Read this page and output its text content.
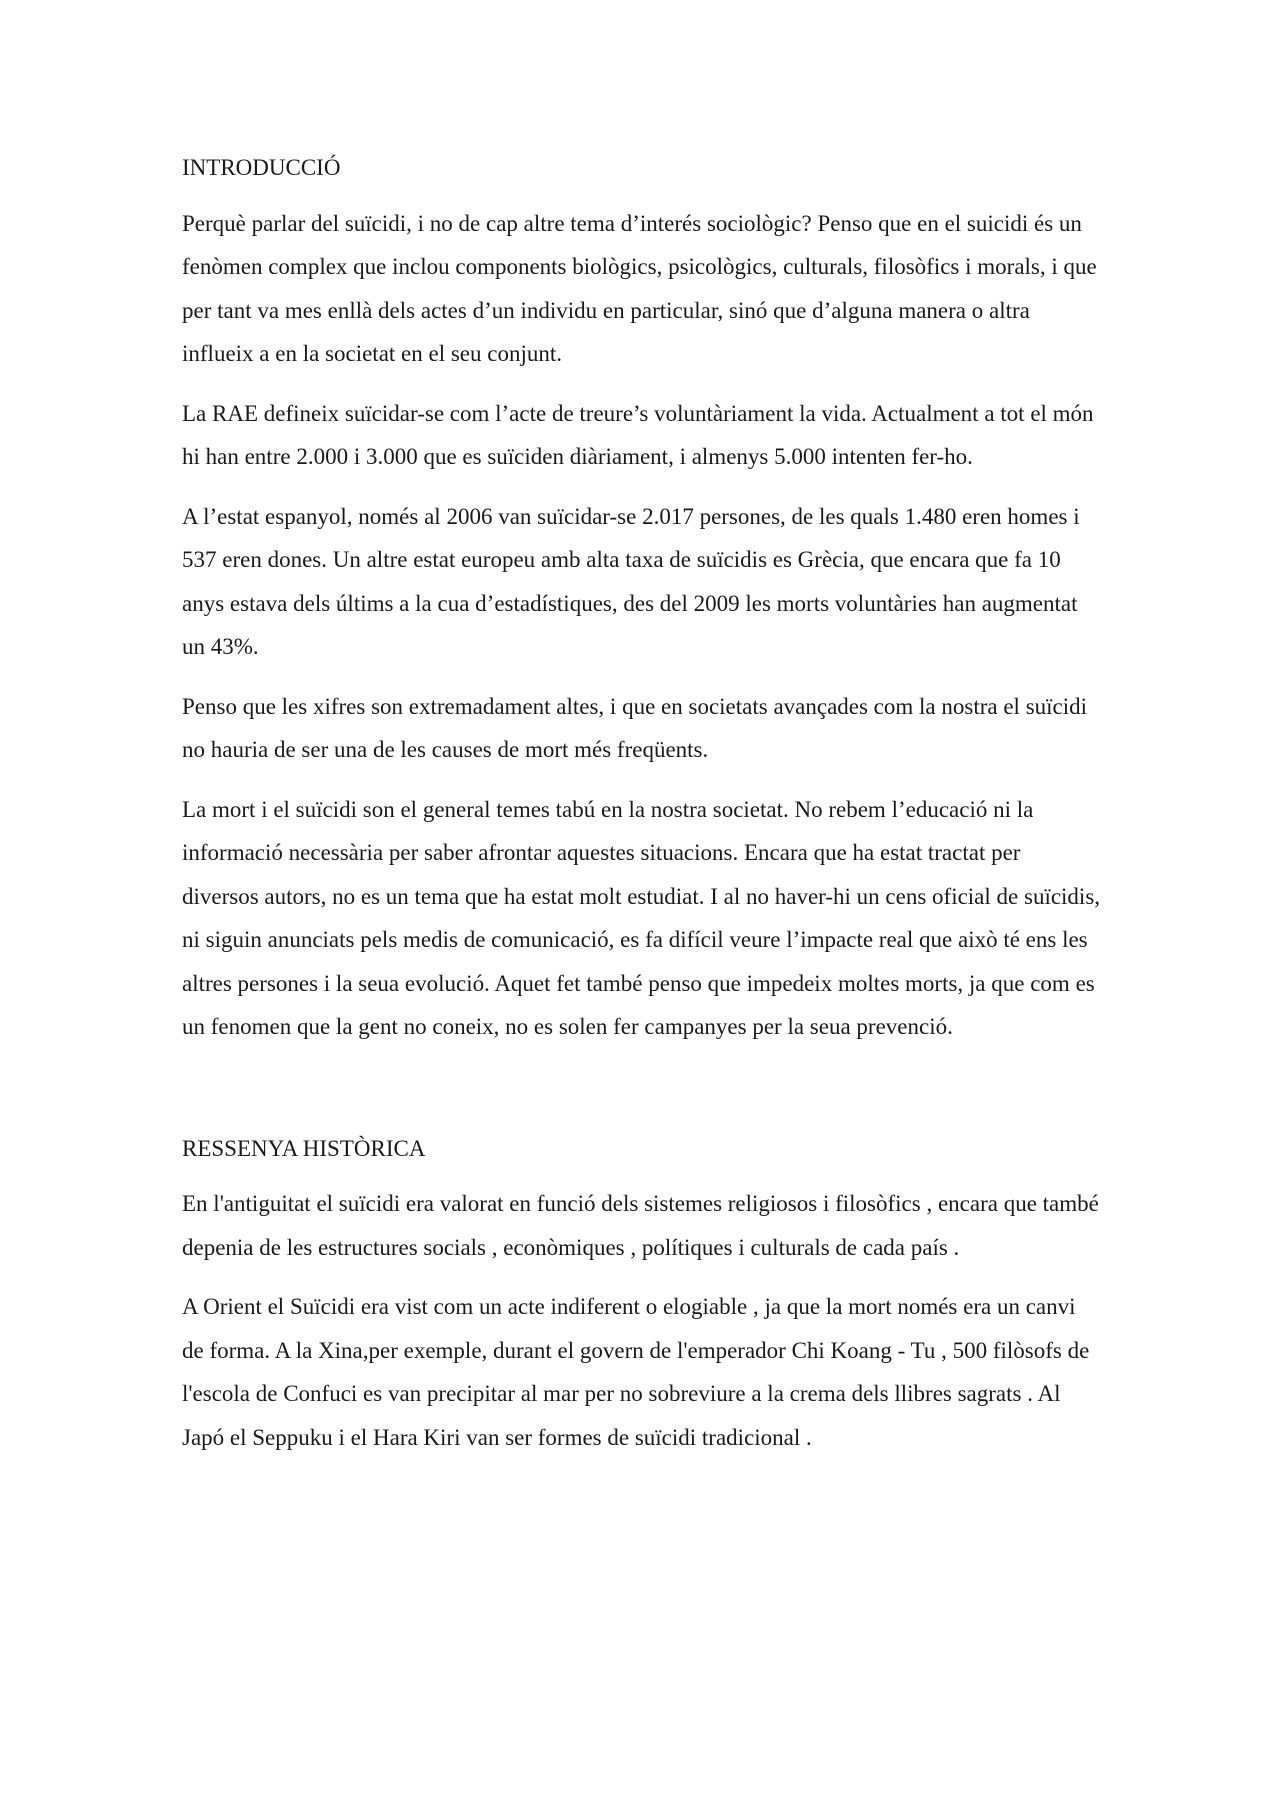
INTRODUCCIÓ

Perquè parlar del suïcidi, i no de cap altre tema d’interés sociològic? Penso que en el suicidi és un fenòmen complex que inclou components biològics, psicològics, culturals, filosòfics i morals, i que per tant va mes enllà dels actes d’un individu en particular, sinó que d’alguna manera o altra influeix a en la societat en el seu conjunt.

La RAE defineix suïcidar-se com l’acte de treure’s voluntàriament la vida. Actualment a tot el món hi han entre 2.000 i 3.000 que es suïciden diàriament, i almenys 5.000 intenten fer-ho.

A l’estat espanyol, només al 2006 van suïcidar-se 2.017 persones, de les quals 1.480 eren homes i 537 eren dones. Un altre estat europeu amb alta taxa de suïcidis es Grècia, que encara que fa 10 anys estava dels últims a la cua d’estadístiques, des del 2009 les morts voluntàries han augmentat un 43%.

Penso que les xifres son extremadament altes, i que en societats avançades com la nostra el suïcidi no hauria de ser una de les causes de mort més freqüents.

La mort i el suïcidi son el general temes tabú en la nostra societat. No rebem l’educació ni la informació necessària per saber afrontar aquestes situacions. Encara que ha estat tractat per diversos autors, no es un tema que ha estat molt estudiat. I al no haver-hi un cens oficial de suïcidis, ni siguin anunciats pels medis de comunicació, es fa difícil veure l’impacte real que això té ens les altres persones i la seua evolució. Aquet fet també penso que impedeix moltes morts, ja que com es un fenomen que la gent no coneix, no es solen fer campanyes per la seua prevenció.

RESSENYA HISTÒRICA

En l'antiguitat el suïcidi era valorat en funció dels sistemes religiosos i filosòfics , encara que també depenia de les estructures socials , econòmiques , polítiques i culturals de cada país .

A Orient el Suïcidi era vist com un acte indiferent o elogiable , ja que la mort només era un canvi de forma. A la Xina,per exemple, durant el govern de l'emperador Chi Koang - Tu , 500 filòsofs de l'escola de Confuci es van precipitar al mar per no sobreviure a la crema dels llibres sagrats . Al Japó el Seppuku i el Hara Kiri van ser formes de suïcidi tradicional .
